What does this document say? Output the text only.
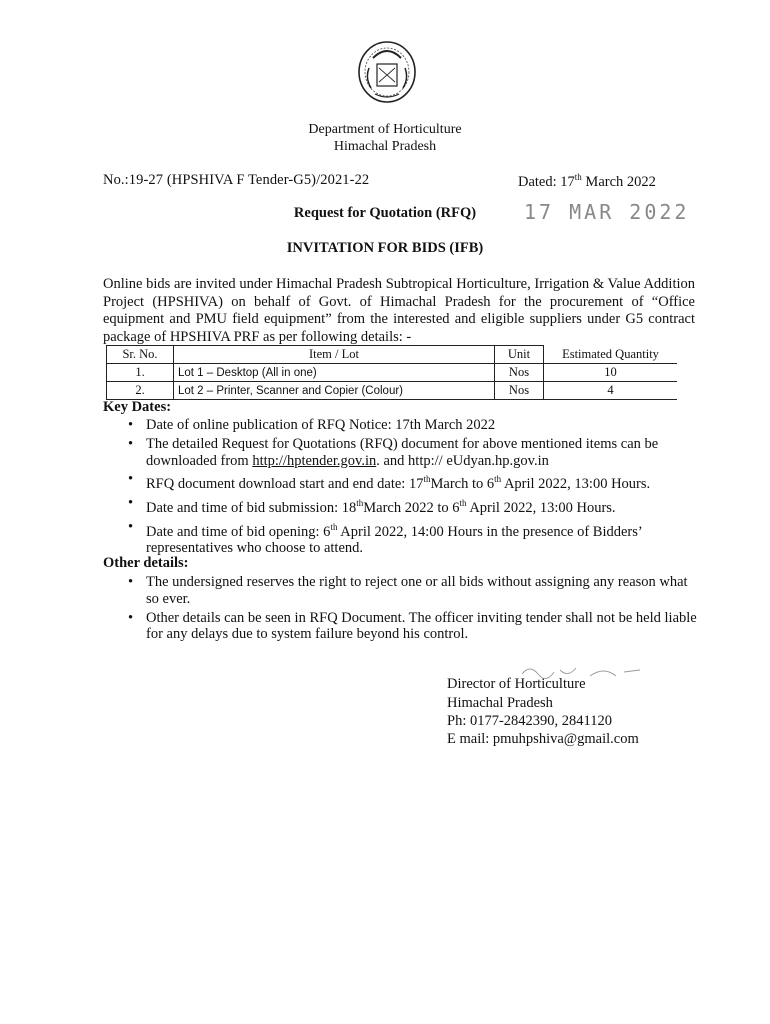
Department of Horticulture
Himachal Pradesh
No.:19-27 (HPSHIVA F Tender-G5)/2021-22	Dated: 17th March 2022
Request for Quotation (RFQ)	17 MAR 2022
INVITATION FOR BIDS (IFB)
Online bids are invited under Himachal Pradesh Subtropical Horticulture, Irrigation & Value Addition Project (HPSHIVA) on behalf of Govt. of Himachal Pradesh for the procurement of “Office equipment and PMU field equipment” from the interested and eligible suppliers under G5 contract package of HPSHIVA PRF as per following details: -
Sr. No.	Item / Lot	Unit	Estimated Quantity
1.	Lot 1 – Desktop (All in one)	Nos	10
2.	Lot 2 – Printer, Scanner and Copier (Colour)	Nos	4
Key Dates:
• Date of online publication of RFQ Notice: 17th March 2022
• The detailed Request for Quotations (RFQ) document for above mentioned items can be downloaded from http://hptender.gov.in. and http:// eUdyan.hp.gov.in
• RFQ document download start and end date: 17thMarch to 6th April 2022, 13:00 Hours.
• Date and time of bid submission: 18thMarch 2022 to 6th April 2022, 13:00 Hours.
• Date and time of bid opening: 6th April 2022, 14:00 Hours in the presence of Bidders’ representatives who choose to attend.
Other details:
• The undersigned reserves the right to reject one or all bids without assigning any reason what so ever.
• Other details can be seen in RFQ Document. The officer inviting tender shall not be held liable for any delays due to system failure beyond his control.
Director of Horticulture
Himachal Pradesh
Ph: 0177-2842390, 2841120
E mail: pmuhpshiva@gmail.com
